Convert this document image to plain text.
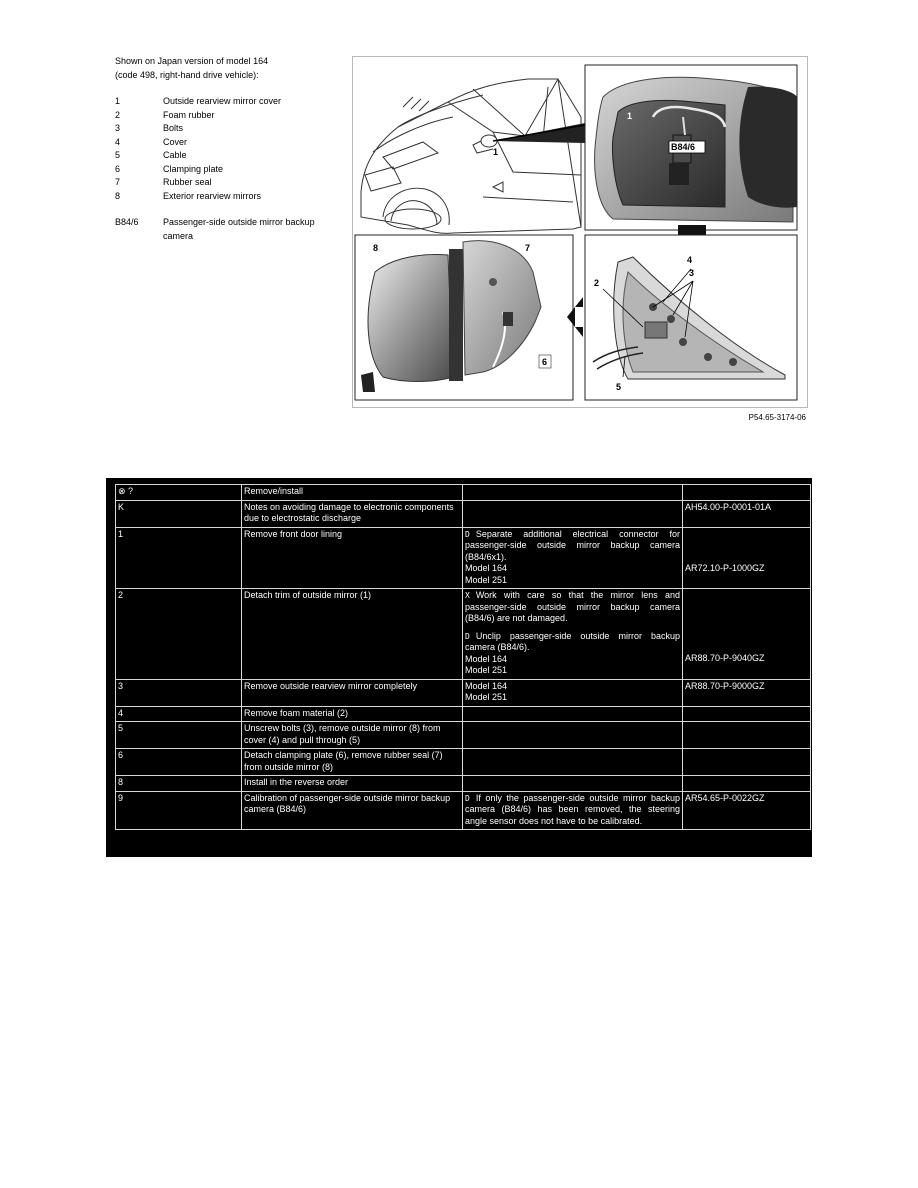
Shown on Japan version of model 164
(code 498, right-hand drive vehicle):

1	Outside rearview mirror cover
2	Foam rubber
3	Bolts
4	Cover
5	Cable
6	Clamping plate
7	Rubber seal
8	Exterior rearview mirrors
B84/6	Passenger-side outside mirror backup camera
1
1
B84/6
8	7
6
4
3
2
5
P54.65-3174-06
⊗ ?	Remove/install		
K	Notes on avoiding damage to electronic components due to electrostatic discharge		AH54.00-P-0001-01A
1	Remove front door lining	D Separate additional electrical connector for passenger-side outside mirror backup camera (B84/6x1).

Model 164

Model 251	AR72.10-P-1000GZ
2	Detach trim of outside mirror (1)	X Work with care so that the mirror lens and passenger-side outside mirror backup camera (B84/6) are not damaged.

D Unclip passenger-side outside mirror backup camera (B84/6).

Model 164

Model 251	AR88.70-P-9040GZ
3	Remove outside rearview mirror completely	Model 164

Model 251	AR88.70-P-9000GZ
4	Remove foam material (2)		
5	Unscrew bolts (3), remove outside mirror (8) from cover (4) and pull through (5)		
6	Detach clamping plate (6), remove rubber seal (7) from outside mirror (8)		
8	Install in the reverse order		
9	Calibration of passenger-side outside mirror backup camera (B84/6)	D If only the passenger-side outside mirror backup camera (B84/6) has been removed, the steering angle sensor does not have to be calibrated.	AR54.65-P-0022GZ
